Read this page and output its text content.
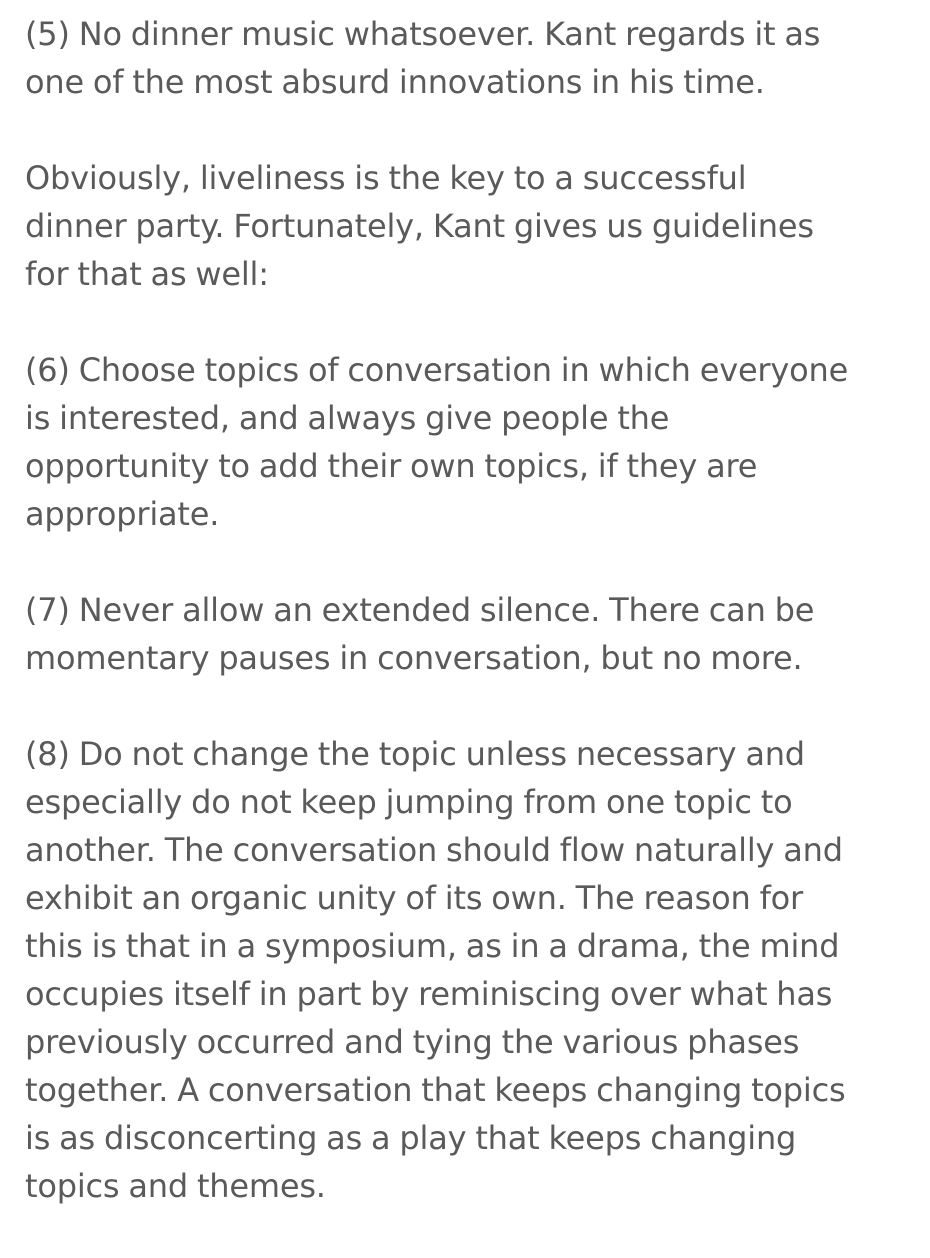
(5) No dinner music whatsoever. Kant regards it as
one of the most absurd innovations in his time.

Obviously, liveliness is the key to a successful
dinner party. Fortunately, Kant gives us guidelines
for that as well:

(6) Choose topics of conversation in which everyone
is interested, and always give people the
opportunity to add their own topics, if they are
appropriate.

(7) Never allow an extended silence. There can be
momentary pauses in conversation, but no more.

(8) Do not change the topic unless necessary and
especially do not keep jumping from one topic to
another. The conversation should flow naturally and
exhibit an organic unity of its own. The reason for
this is that in a symposium, as in a drama, the mind
occupies itself in part by reminiscing over what has
previously occurred and tying the various phases
together. A conversation that keeps changing topics
is as disconcerting as a play that keeps changing
topics and themes.
